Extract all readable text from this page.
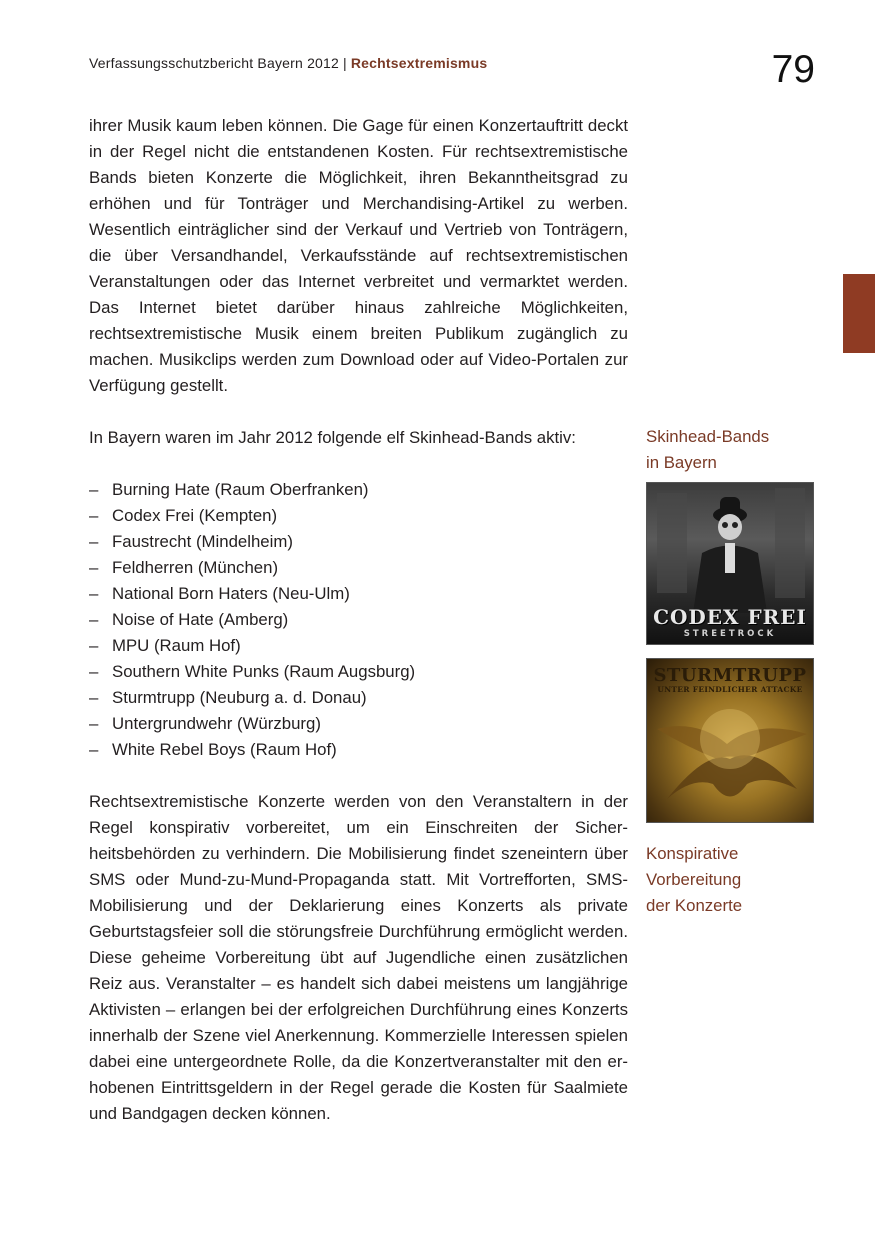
Verfassungsschutzbericht Bayern 2012 | Rechtsextremismus	79

ihrer Musik kaum leben können. Die Gage für einen Konzertauftritt deckt in der Regel nicht die entstandenen Kosten. Für rechtsextremistische Bands bieten Konzerte die Möglichkeit, ihren Bekanntheitsgrad zu erhöhen und für Tonträger und Merchandising-Artikel zu werben. Wesentlich einträglicher sind der Verkauf und Vertrieb von Tonträgern, die über Versandhandel, Verkaufsstände auf rechtsextremistischen Veranstaltungen oder das Internet verbreitet und vermarktet werden. Das Internet bietet darüber hinaus zahlreiche Möglichkeiten, rechtsextremistische Musik einem breiten Publikum zugänglich zu machen. Musikclips werden zum Download oder auf Video-Portalen zur Verfügung gestellt.

In Bayern waren im Jahr 2012 folgende elf Skinhead-Bands aktiv:

– Burning Hate (Raum Oberfranken)
– Codex Frei (Kempten)
– Faustrecht (Mindelheim)
– Feldherren (München)
– National Born Haters (Neu-Ulm)
– Noise of Hate (Amberg)
– MPU (Raum Hof)
– Southern White Punks (Raum Augsburg)
– Sturmtrupp (Neuburg a. d. Donau)
– Untergrundwehr (Würzburg)
– White Rebel Boys (Raum Hof)

Rechtsextremistische Konzerte werden von den Veranstaltern in der Regel konspirativ vorbereitet, um ein Einschreiten der Sicherheitsbehörden zu verhindern. Die Mobilisierung findet szeneintern über SMS oder Mund-zu-Mund-Propaganda statt. Mit Vortrefforten, SMS-Mobilisierung und der Deklarierung eines Konzerts als private Geburtstagsfeier soll die störungsfreie Durchführung ermöglicht werden. Diese geheime Vorbereitung übt auf Jugendliche einen zusätzlichen Reiz aus. Veranstalter – es handelt sich dabei meistens um langjährige Aktivisten – erlangen bei der erfolgreichen Durchführung eines Konzerts innerhalb der Szene viel Anerkennung. Kommerzielle Interessen spielen dabei eine untergeordnete Rolle, da die Konzertveranstalter mit den erhobenen Eintrittsgeldern in der Regel gerade die Kosten für Saalmiete und Bandgagen decken können.

Skinhead-Bands
in Bayern
CODEX FREI
STREETROCK
STURMTRUPP
UNTER FEINDLICHER ATTACKE
Konspirative
Vorbereitung
der Konzerte
